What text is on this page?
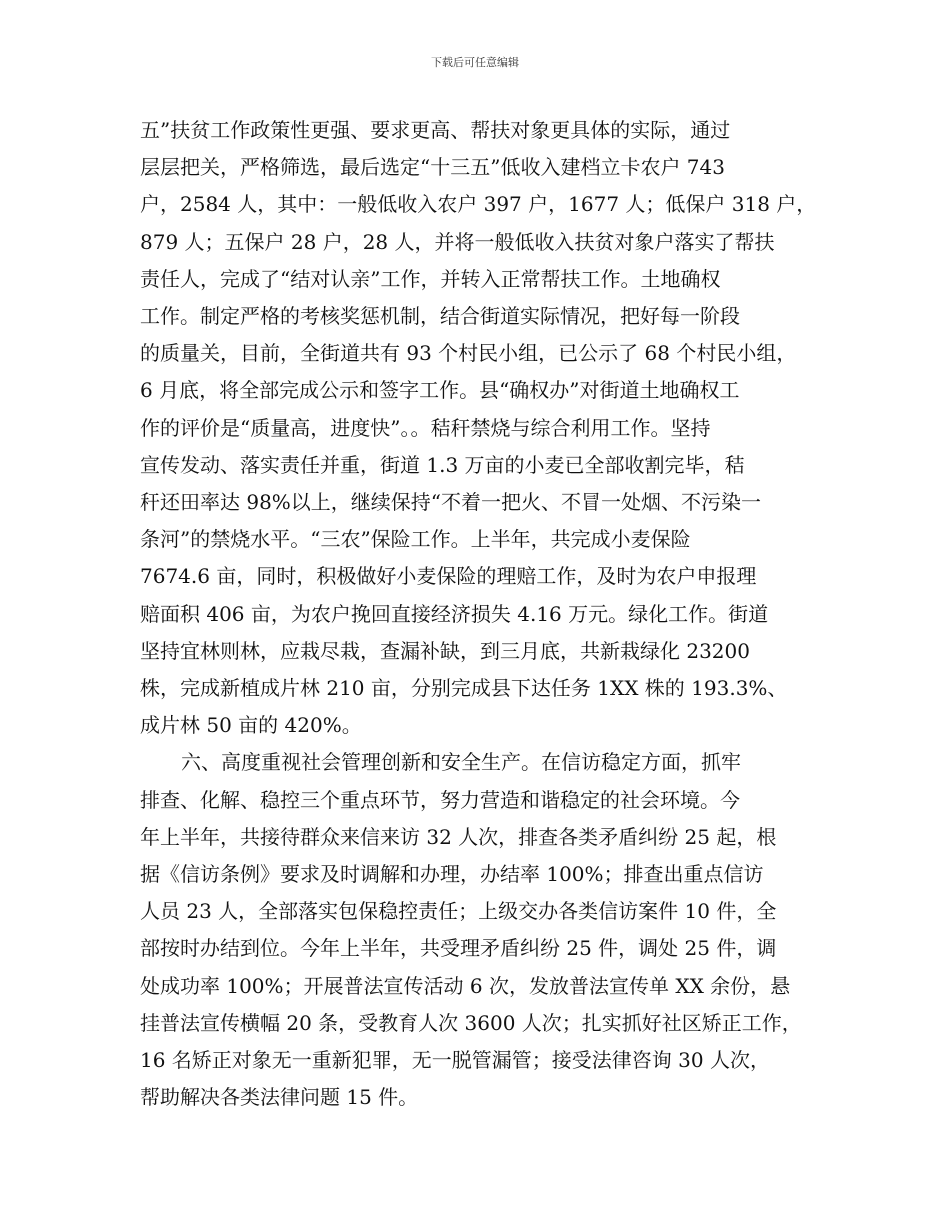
下载后可任意编辑
五”扶贫工作政策性更强、要求更高、帮扶对象更具体的实际，通过
层层把关，严格筛选，最后选定“十三五”低收入建档立卡农户 743
户，2584 人，其中：一般低收入农户 397 户，1677 人；低保户 318 户，
879 人；五保户 28 户，28 人，并将一般低收入扶贫对象户落实了帮扶
责任人，完成了“结对认亲”工作，并转入正常帮扶工作。土地确权
工作。制定严格的考核奖惩机制，结合街道实际情况，把好每一阶段
的质量关，目前，全街道共有 93 个村民小组，已公示了 68 个村民小组，
6 月底，将全部完成公示和签字工作。县“确权办”对街道土地确权工
作的评价是“质量高，进度快”。。秸秆禁烧与综合利用工作。坚持
宣传发动、落实责任并重，街道 1.3 万亩的小麦已全部收割完毕，秸
秆还田率达 98%以上，继续保持“不着一把火、不冒一处烟、不污染一
条河”的禁烧水平。“三农”保险工作。上半年，共完成小麦保险
7674.6 亩，同时，积极做好小麦保险的理赔工作，及时为农户申报理
赔面积 406 亩，为农户挽回直接经济损失 4.16 万元。绿化工作。街道
坚持宜林则林，应栽尽栽，查漏补缺，到三月底，共新栽绿化 23200
株，完成新植成片林 210 亩，分别完成县下达任务 1XX 株的 193.3%、
成片林 50 亩的 420%。
六、高度重视社会管理创新和安全生产。在信访稳定方面，抓牢
排查、化解、稳控三个重点环节，努力营造和谐稳定的社会环境。今
年上半年，共接待群众来信来访 32 人次，排查各类矛盾纠纷 25 起，根
据《信访条例》要求及时调解和办理，办结率 100%；排查出重点信访
人员 23 人，全部落实包保稳控责任；上级交办各类信访案件 10 件，全
部按时办结到位。今年上半年，共受理矛盾纠纷 25 件，调处 25 件，调
处成功率 100%；开展普法宣传活动 6 次，发放普法宣传单 XX 余份，悬
挂普法宣传横幅 20 条，受教育人次 3600 人次；扎实抓好社区矫正工作，
16 名矫正对象无一重新犯罪，无一脱管漏管；接受法律咨询 30 人次，
帮助解决各类法律问题 15 件。
